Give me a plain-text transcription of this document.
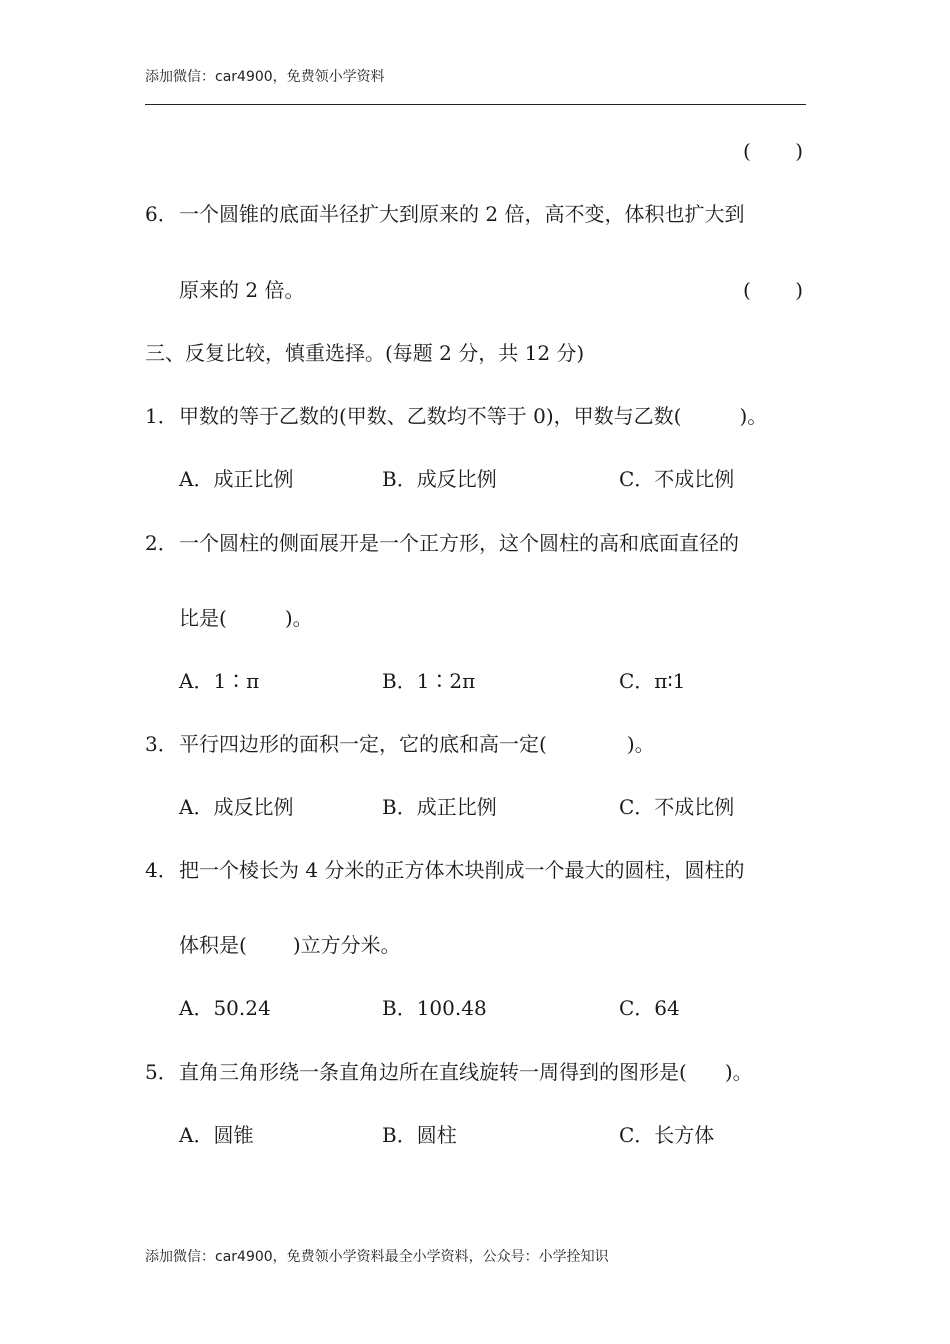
添加微信：car4900，免费领小学资料
( )
6．一个圆锥的底面半径扩大到原来的 2 倍，高不变，体积也扩大到
原来的 2 倍。	( )
三、反复比较，慎重选择。(每题 2 分，共 12 分)
1．甲数的等于乙数的(甲数、乙数均不等于 0)，甲数与乙数(	)。
A．成正比例	B．成反比例	C．不成比例
2．一个圆柱的侧面展开是一个正方形，这个圆柱的高和底面直径的
比是(	)。
A．1∶π	B．1∶2π	C．π∶1
3．平行四边形的面积一定，它的底和高一定(	)。
A．成反比例	B．成正比例	C．不成比例
4．把一个棱长为 4 分米的正方体木块削成一个最大的圆柱，圆柱的
体积是( )立方分米。
A．50.24	B．100.48	C．64
5．直角三角形绕一条直角边所在直线旋转一周得到的图形是( )。
A．圆锥	B．圆柱	C．长方体
添加微信：car4900，免费领小学资料最全小学资料，公众号：小学拴知识
